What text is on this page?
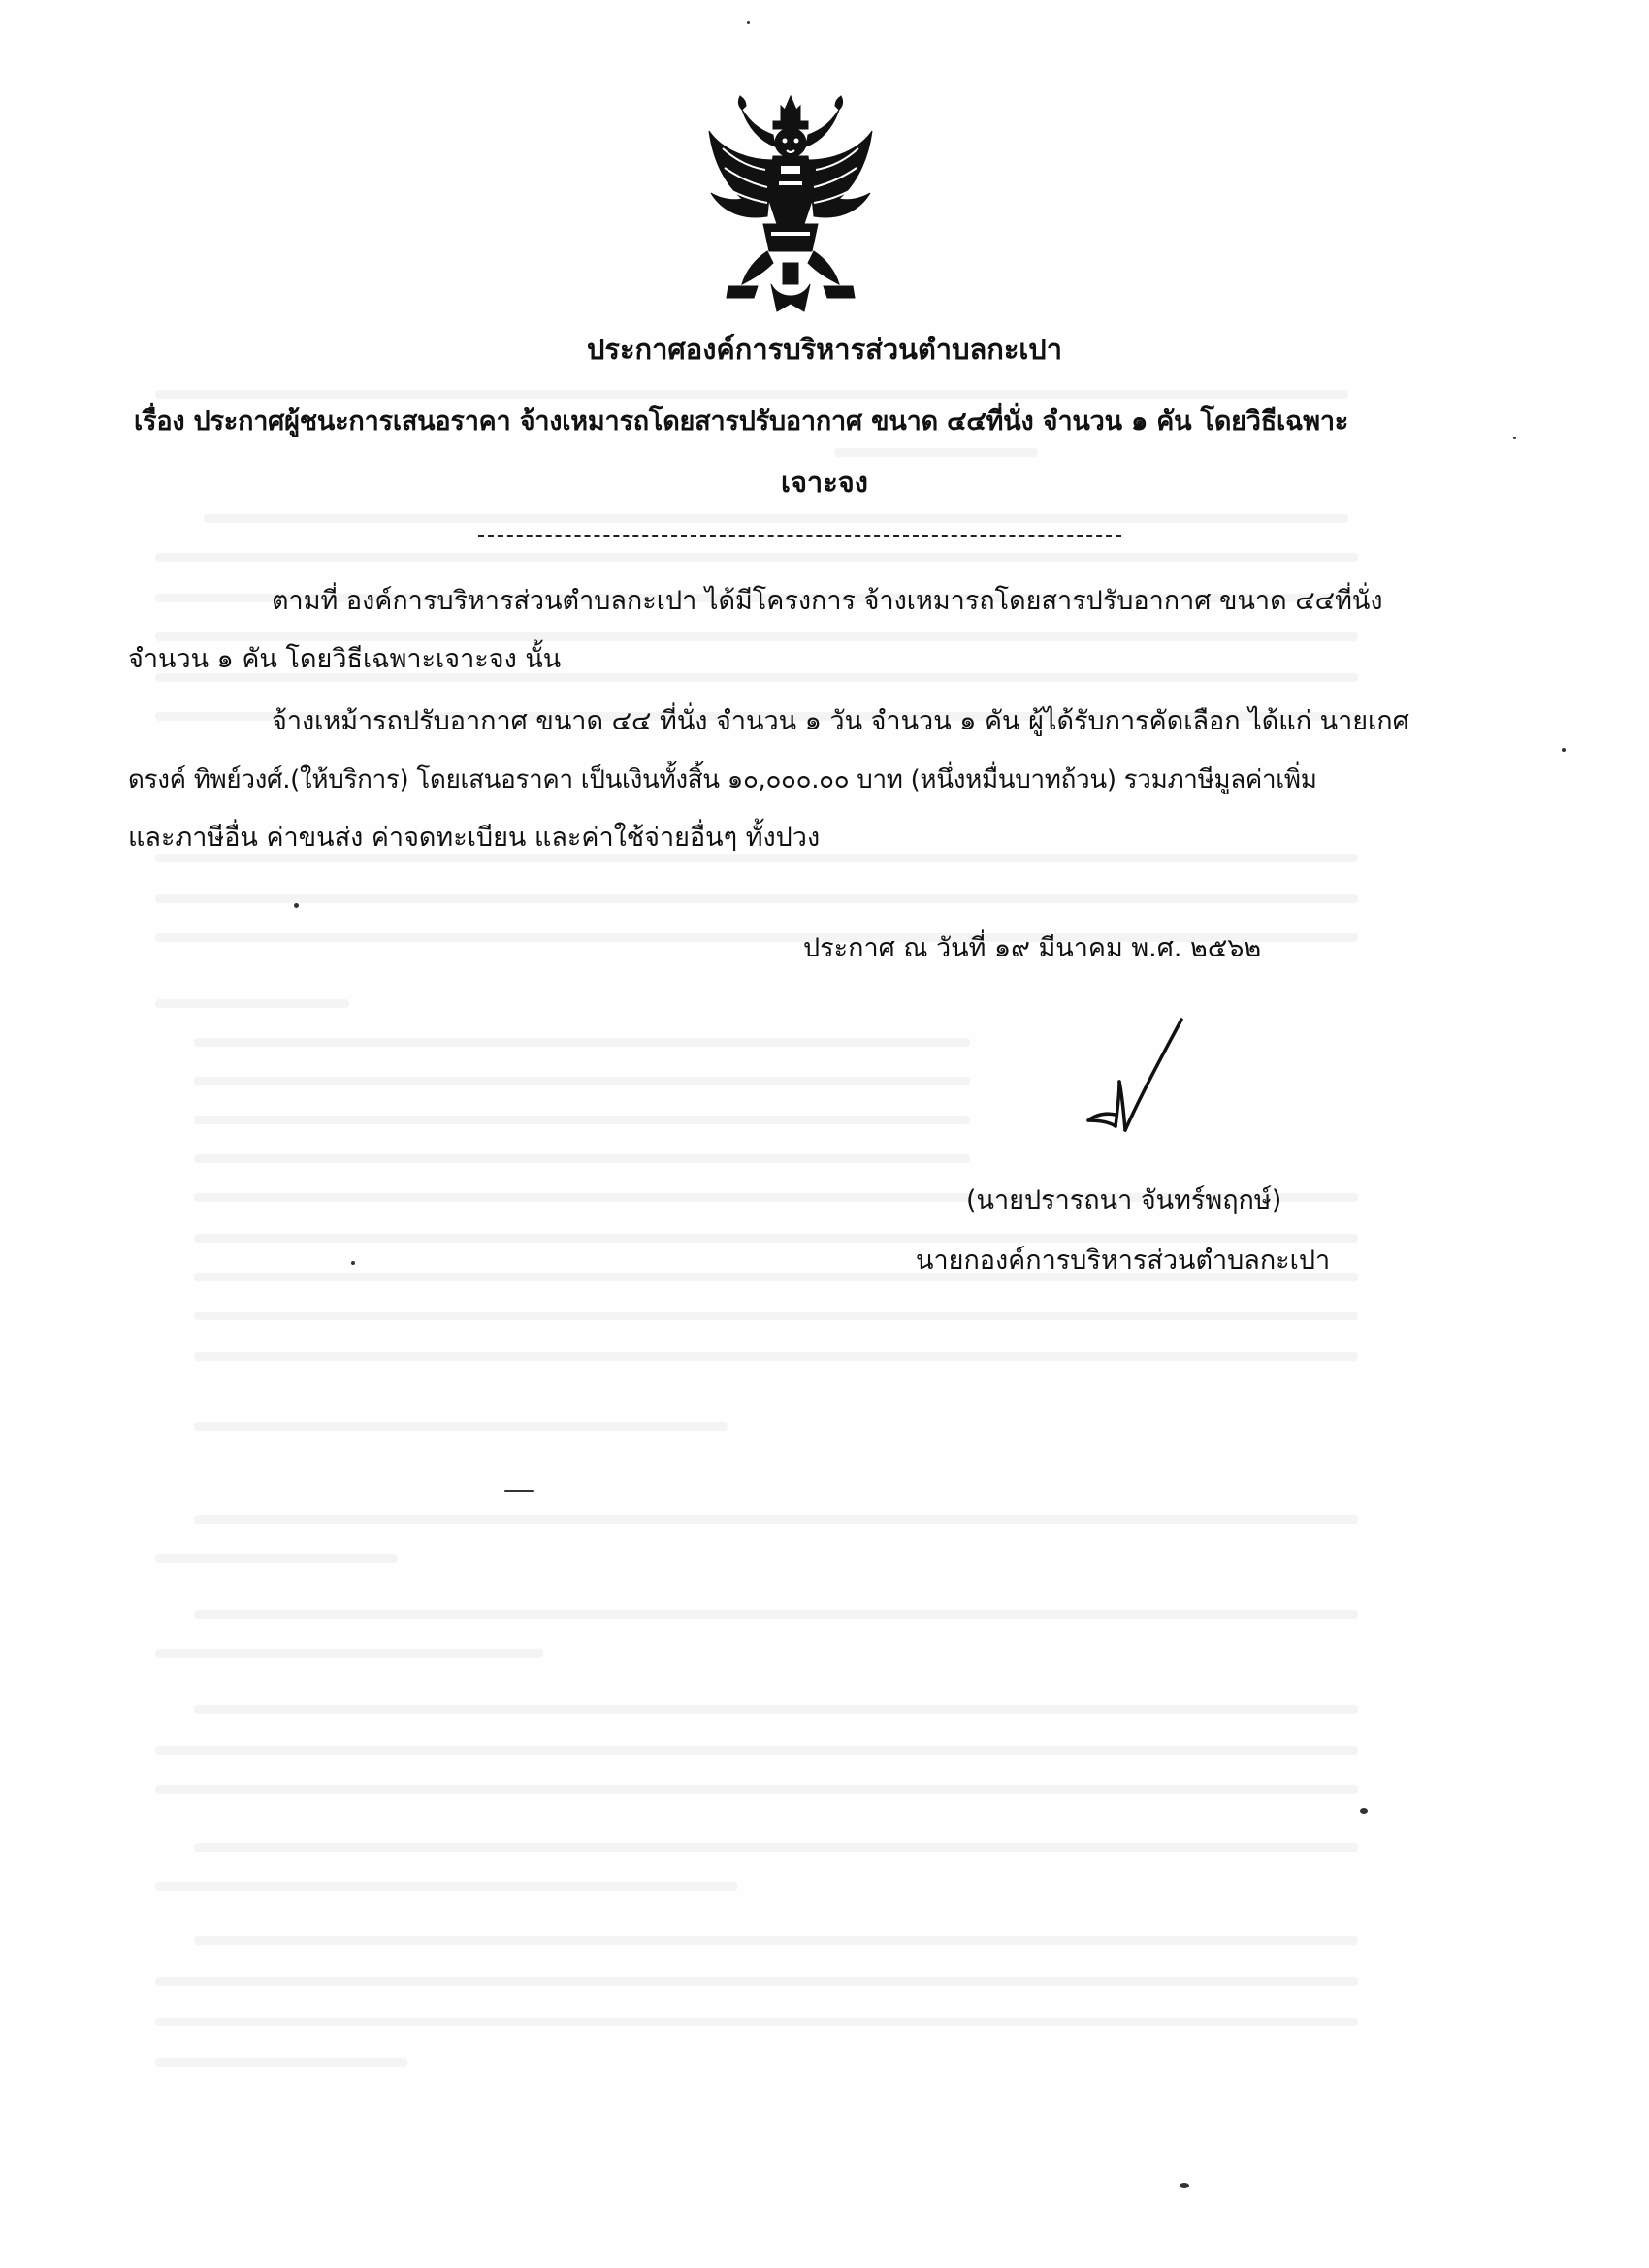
ประกาศองค์การบริหารส่วนตำบลกะเปา
เรื่อง ประกาศผู้ชนะการเสนอราคา จ้างเหมารถโดยสารปรับอากาศ ขนาด ๔๔ที่นั่ง จำนวน ๑ คัน โดยวิธีเฉพาะ
เจาะจง
ตามที่ องค์การบริหารส่วนตำบลกะเปา ได้มีโครงการ จ้างเหมารถโดยสารปรับอากาศ ขนาด ๔๔ที่นั่ง
จำนวน ๑ คัน โดยวิธีเฉพาะเจาะจง นั้น
จ้างเหม้ารถปรับอากาศ ขนาด ๔๔ ที่นั่ง จำนวน ๑ วัน จำนวน ๑ คัน ผู้ได้รับการคัดเลือก ได้แก่ นายเกศ
ดรงค์ ทิพย์วงศ์.(ให้บริการ) โดยเสนอราคา เป็นเงินทั้งสิ้น ๑๐,๐๐๐.๐๐ บาท (หนึ่งหมื่นบาทถ้วน) รวมภาษีมูลค่าเพิ่ม
และภาษีอื่น ค่าขนส่ง ค่าจดทะเบียน และค่าใช้จ่ายอื่นๆ ทั้งปวง
ประกาศ ณ วันที่ ๑๙ มีนาคม พ.ศ. ๒๕๖๒
(นายปรารถนา จันทร์พฤกษ์)
นายกองค์การบริหารส่วนตำบลกะเปา
